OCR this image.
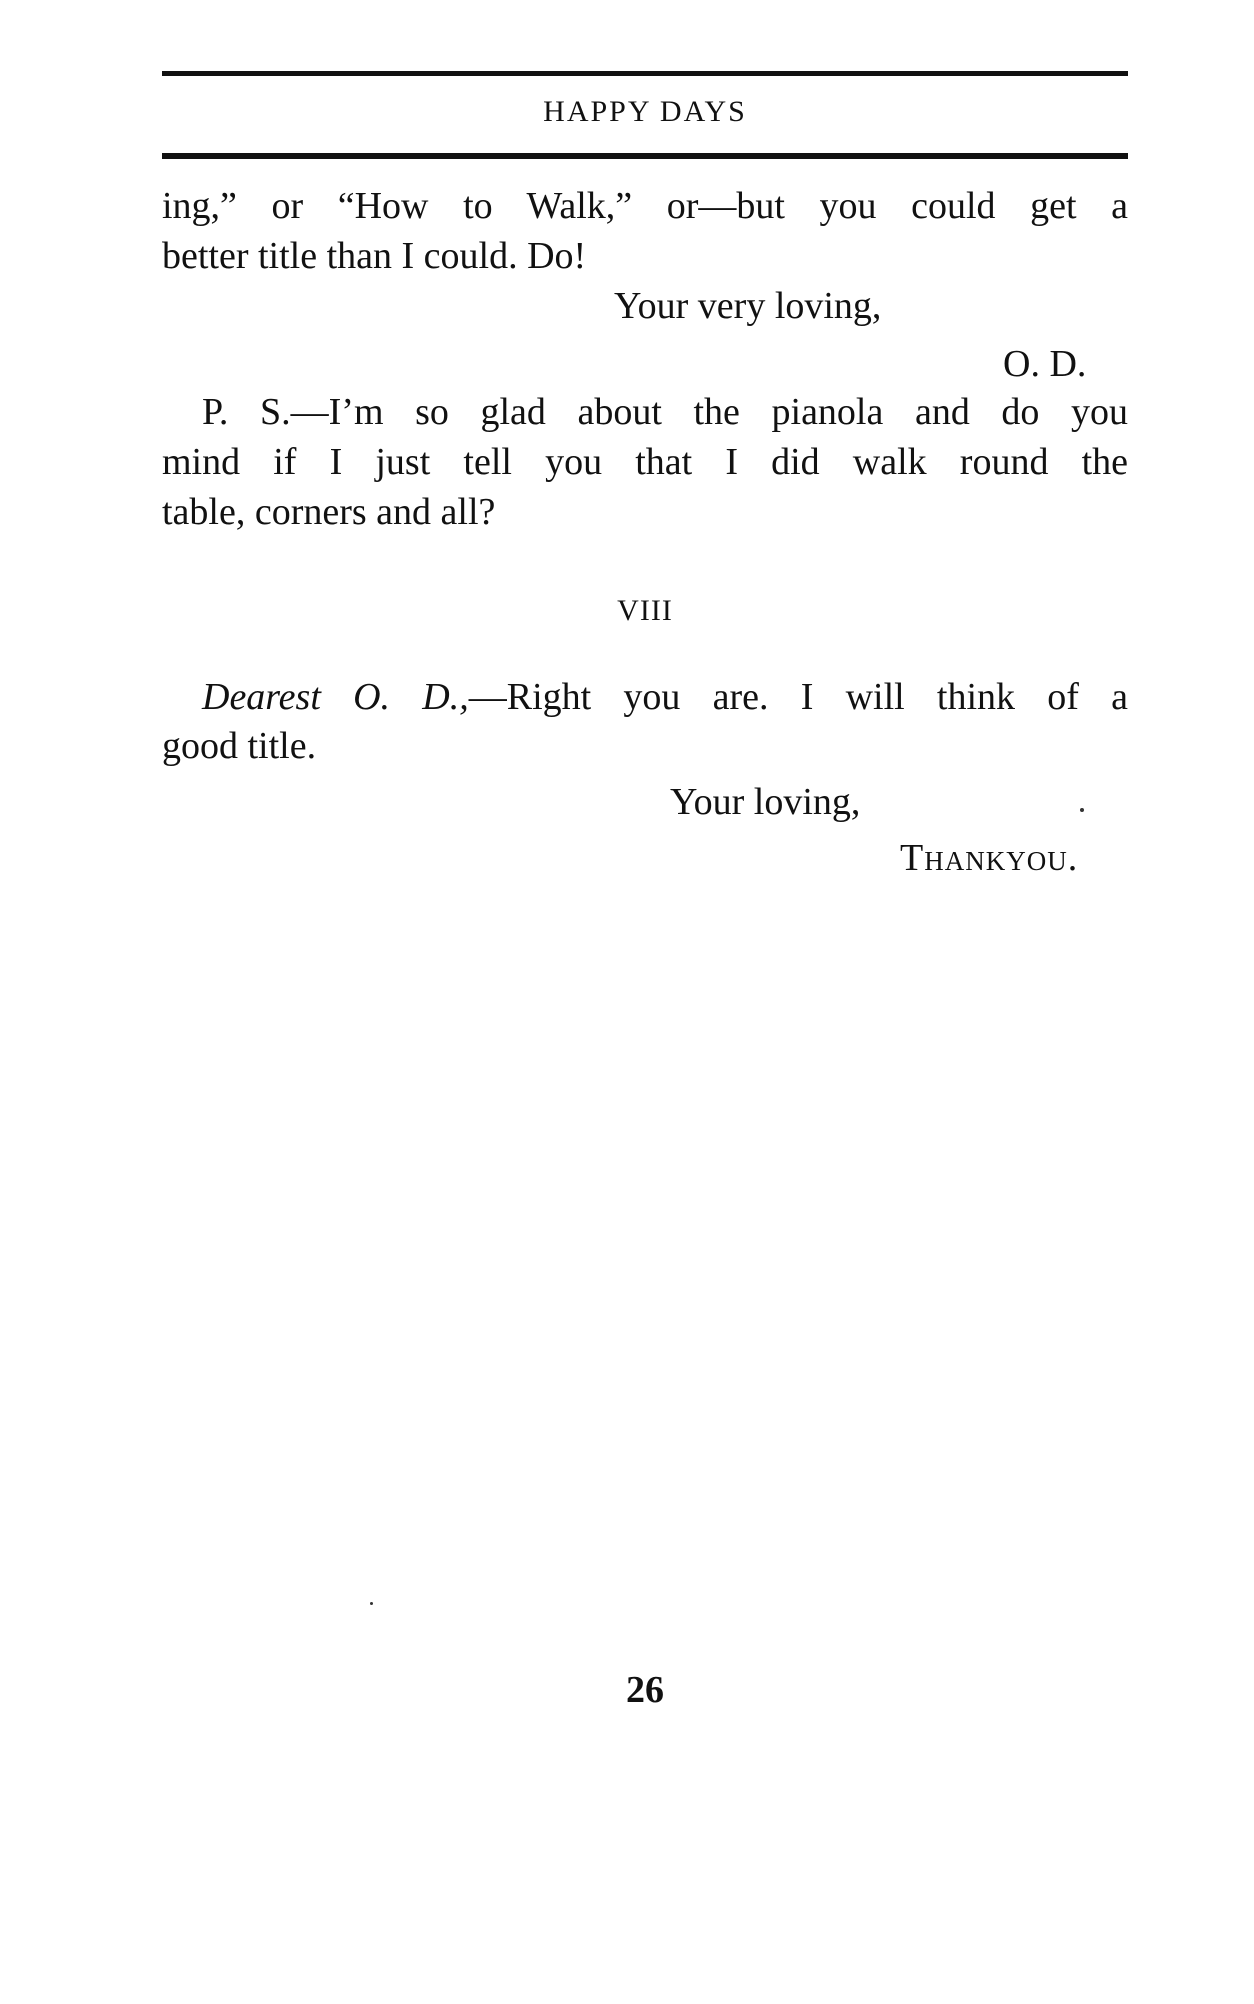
HAPPY DAYS
ing,” or “How to Walk,” or—but you could get a
better title than I could. Do!
Your very loving,
O. D.
P. S.—I’m so glad about the pianola and do you
mind if I just tell you that I did walk round the
table, corners and all?
VIII
Dearest O. D.,—Right you are. I will think of a
good title.
Your loving,
Thankyou.
26
